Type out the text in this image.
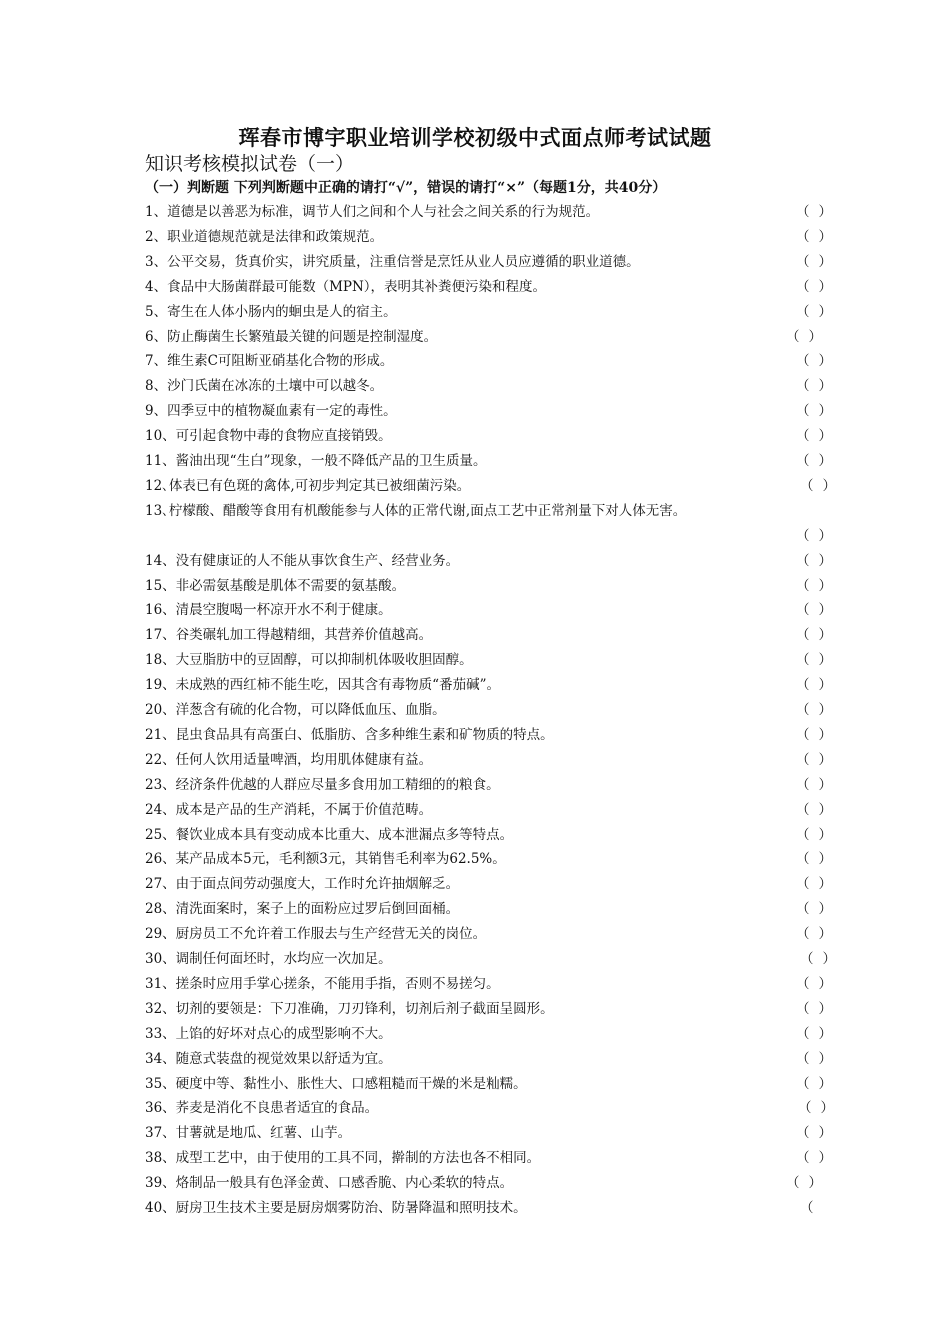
珲春市博宇职业培训学校初级中式面点师考试试题
知识考核模拟试卷（一）
（一）判断题 下列判断题中正确的请打“√”，错误的请打“×”（每题1分，共40分）
1、道德是以善恶为标准，调节人们之间和个人与社会之间关系的行为规范。	（ ）
2、职业道德规范就是法律和政策规范。	（ ）
3、公平交易，货真价实，讲究质量，注重信誉是烹饪从业人员应遵循的职业道德。	（ ）
4、食品中大肠菌群最可能数（MPN），表明其补粪便污染和程度。	（ ）
5、寄生在人体小肠内的蛔虫是人的宿主。	（ ）
6、防止酶菌生长繁殖最关键的问题是控制湿度。	（ ）
7、维生素C可阻断亚硝基化合物的形成。	（ ）
8、沙门氏菌在冰冻的土壤中可以越冬。	（ ）
9、四季豆中的植物凝血素有一定的毒性。	（ ）
10、可引起食物中毒的食物应直接销毁。	（ ）
11、酱油出现“生白”现象，一般不降低产品的卫生质量。	（ ）
12､体表已有色斑的禽体,可初步判定其已被细菌污染。	（ ）
13､柠檬酸、醋酸等食用有机酸能参与人体的正常代谢,面点工艺中正常剂量下对人体无害。
（ ）
14、没有健康证的人不能从事饮食生产、经营业务。	（ ）
15、非必需氨基酸是肌体不需要的氨基酸。	（ ）
16、清晨空腹喝一杯凉开水不利于健康。	（ ）
17、谷类碾轧加工得越精细，其营养价值越高。	（ ）
18、大豆脂肪中的豆固醇，可以抑制机体吸收胆固醇。	（ ）
19、未成熟的西红柿不能生吃，因其含有毒物质“番茄碱”。	（ ）
20、洋葱含有硫的化合物，可以降低血压、血脂。	（ ）
21、昆虫食品具有高蛋白、低脂肪、含多种维生素和矿物质的特点。	（ ）
22、任何人饮用适量啤酒，均用肌体健康有益。	（ ）
23、经济条件优越的人群应尽量多食用加工精细的的粮食。	（ ）
24、成本是产品的生产消耗，不属于价值范畴。	（ ）
25、餐饮业成本具有变动成本比重大、成本泄漏点多等特点。	（ ）
26、某产品成本5元，毛利额3元，其销售毛利率为62.5%。	（ ）
27、由于面点间劳动强度大，工作时允许抽烟解乏。	（ ）
28、清洗面案时，案子上的面粉应过罗后倒回面桶。	（ ）
29、厨房员工不允许着工作服去与生产经营无关的岗位。	（ ）
30、调制任何面坯时，水均应一次加足。	（ ）
31、搓条时应用手掌心搓条，不能用手指，否则不易搓匀。	（ ）
32、切剂的要领是：下刀准确，刀刃锋利，切剂后剂子截面呈圆形。	（ ）
33、上馅的好坏对点心的成型影响不大。	（ ）
34、随意式装盘的视觉效果以舒适为宜。	（ ）
35、硬度中等、黏性小、胀性大、口感粗糙而干燥的米是籼糯。	（ ）
36、荞麦是消化不良患者适宜的食品。	（ ）
37、甘薯就是地瓜、红薯、山芋。	（ ）
38、成型工艺中，由于使用的工具不同，擀制的方法也各不相同。	（ ）
39、烙制品一般具有色泽金黄、口感香脆、内心柔软的特点。	（ ）
40、厨房卫生技术主要是厨房烟雾防治、防暑降温和照明技术。	（
